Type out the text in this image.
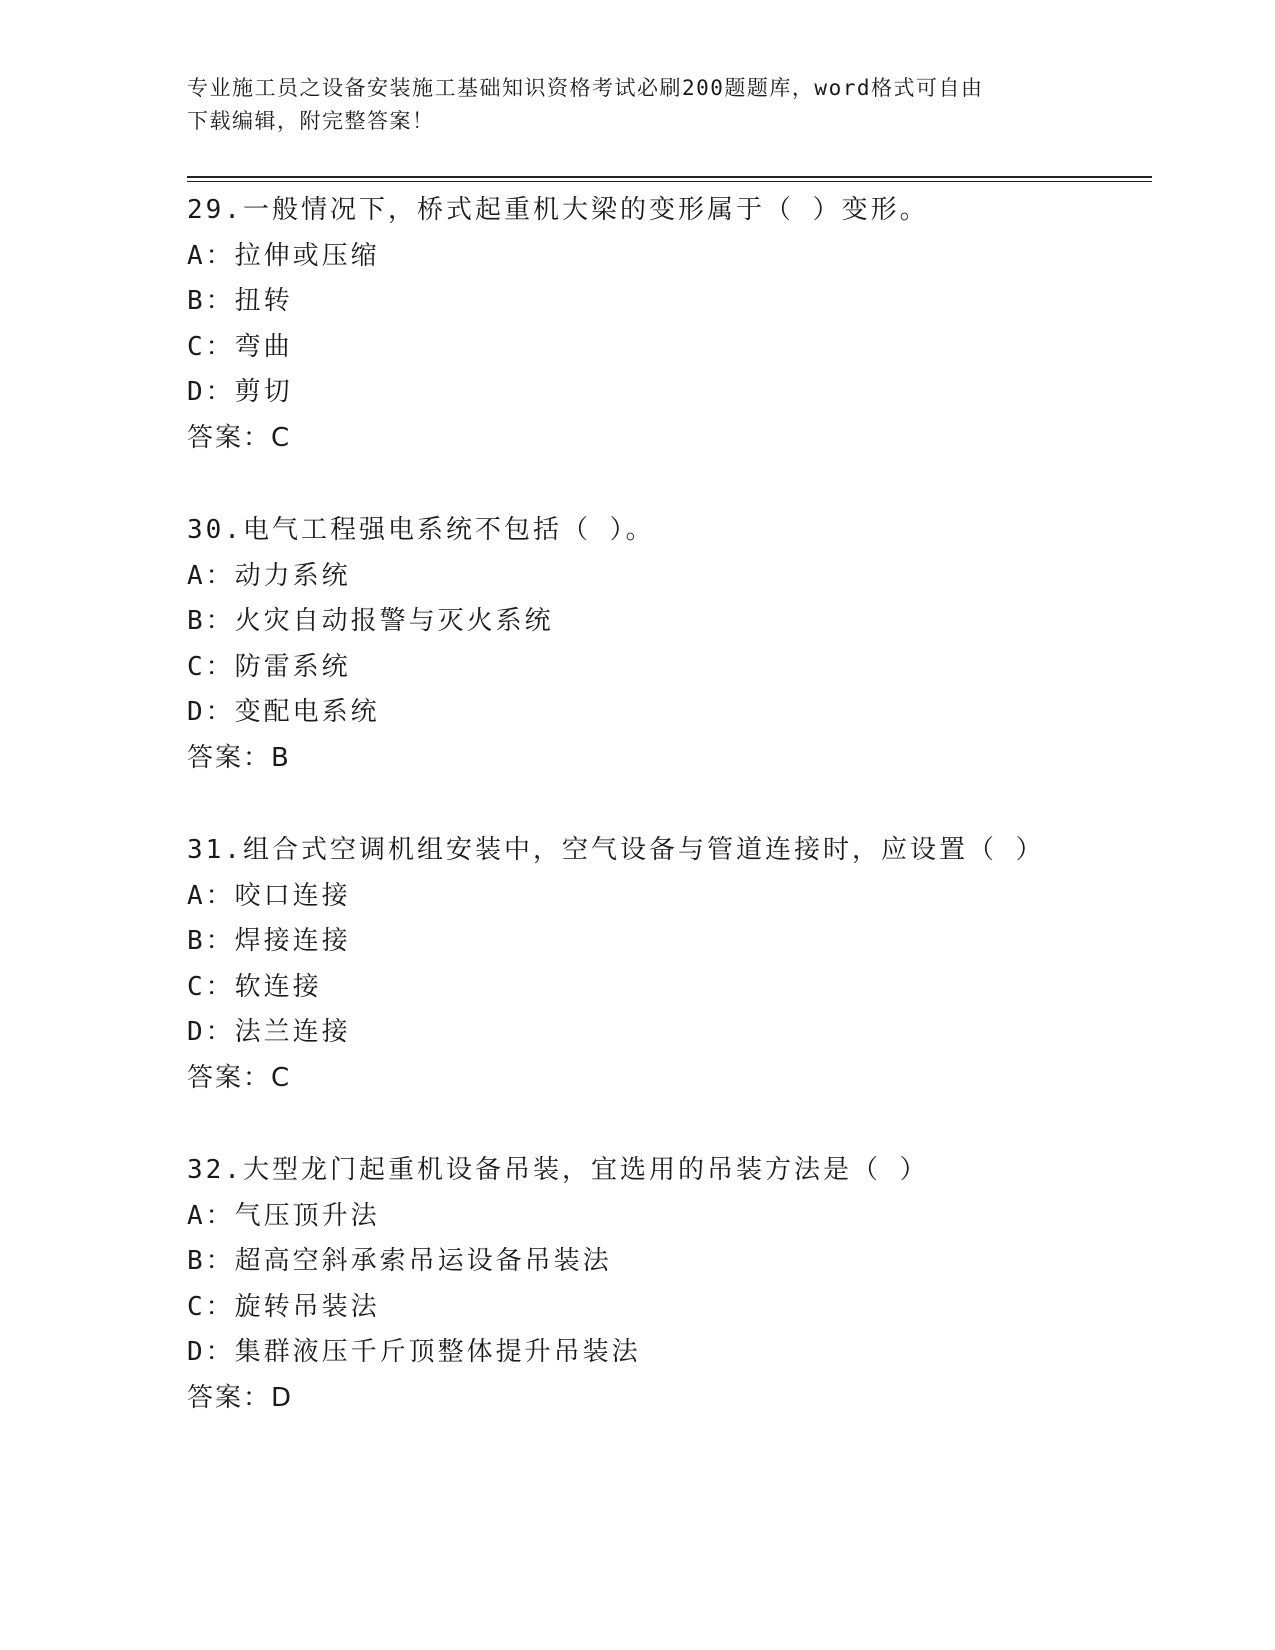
专业施工员之设备安装施工基础知识资格考试必刷200题题库，word格式可自由
下载编辑，附完整答案！
29.一般情况下，桥式起重机大梁的变形属于（ ）变形。
A：拉伸或压缩
B：扭转
C：弯曲
D：剪切
答案：C
30.电气工程强电系统不包括（ ）。
A：动力系统
B：火灾自动报警与灭火系统
C：防雷系统
D：变配电系统
答案：B
31.组合式空调机组安装中，空气设备与管道连接时，应设置（ ）
A：咬口连接
B：焊接连接
C：软连接
D：法兰连接
答案：C
32.大型龙门起重机设备吊装，宜选用的吊装方法是（ ）
A：气压顶升法
B：超高空斜承索吊运设备吊装法
C：旋转吊装法
D：集群液压千斤顶整体提升吊装法
答案：D
